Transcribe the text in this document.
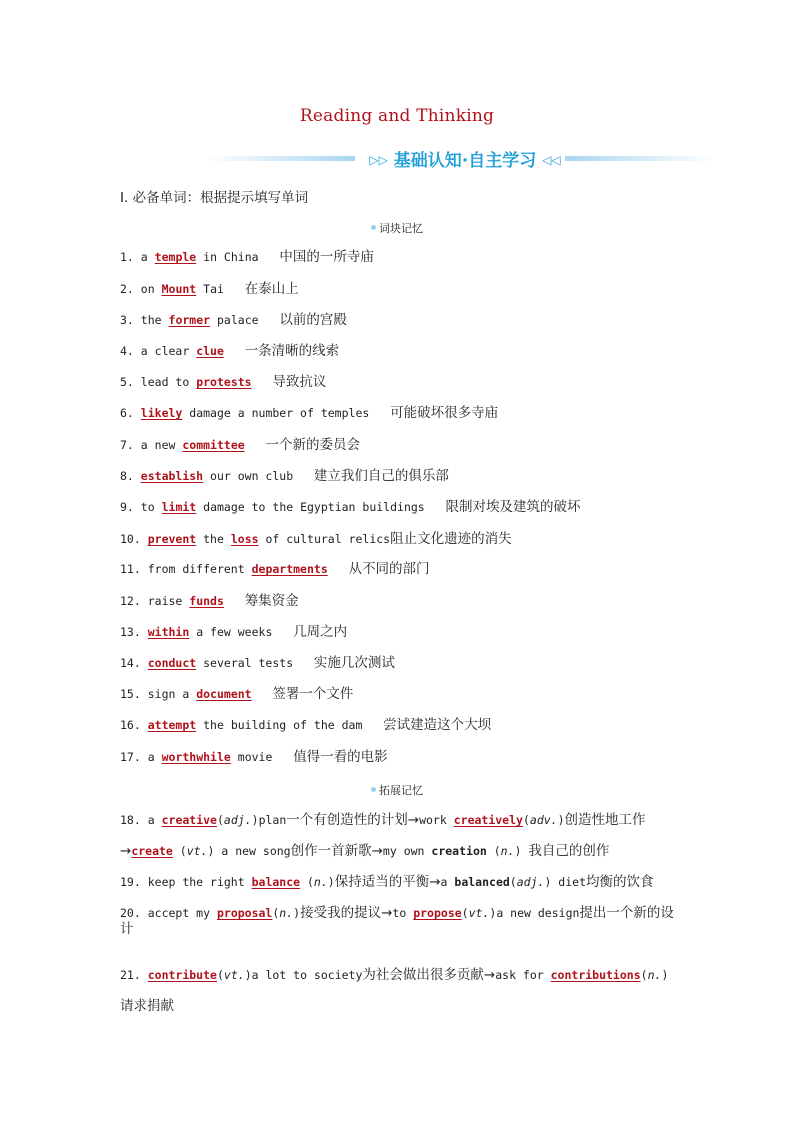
Reading and Thinking
▷▷ 基础认知·自主学习 ◁◁
Ⅰ. 必备单词：根据提示填写单词
词块记忆
1. a temple in China 中国的一所寺庙
2. on Mount Tai 在泰山上
3. the former palace 以前的宫殿
4. a clear clue 一条清晰的线索
5. lead to protests 导致抗议
6. likely damage a number of temples 可能破坏很多寺庙
7. a new committee 一个新的委员会
8. establish our own club 建立我们自己的俱乐部
9. to limit damage to the Egyptian buildings 限制对埃及建筑的破坏
11. from different departments 从不同的部门
12. raise funds 筹集资金
13. within a few weeks 几周之内
14. conduct several tests 实施几次测试
15. sign a document 签署一个文件
16. attempt the building of the dam 尝试建造这个大坝
17. a worthwhile movie 值得一看的电影
10. prevent the loss of cultural relics阻止文化遗迹的消失
拓展记忆
18. a creative(adj.)plan一个有创造性的计划→work creatively(adv.)创造性地工作
→create (vt.) a new song创作一首新歌→my own creation (n.) 我自己的创作
19. keep the right balance (n.)保持适当的平衡→a balanced(adj.) diet均衡的饮食
20. accept my proposal(n.)接受我的提议→to propose(vt.)a new design提出一个新的设计
21. contribute(vt.)a lot to society为社会做出很多贡献→ask for contributions(n.)请求捐献
